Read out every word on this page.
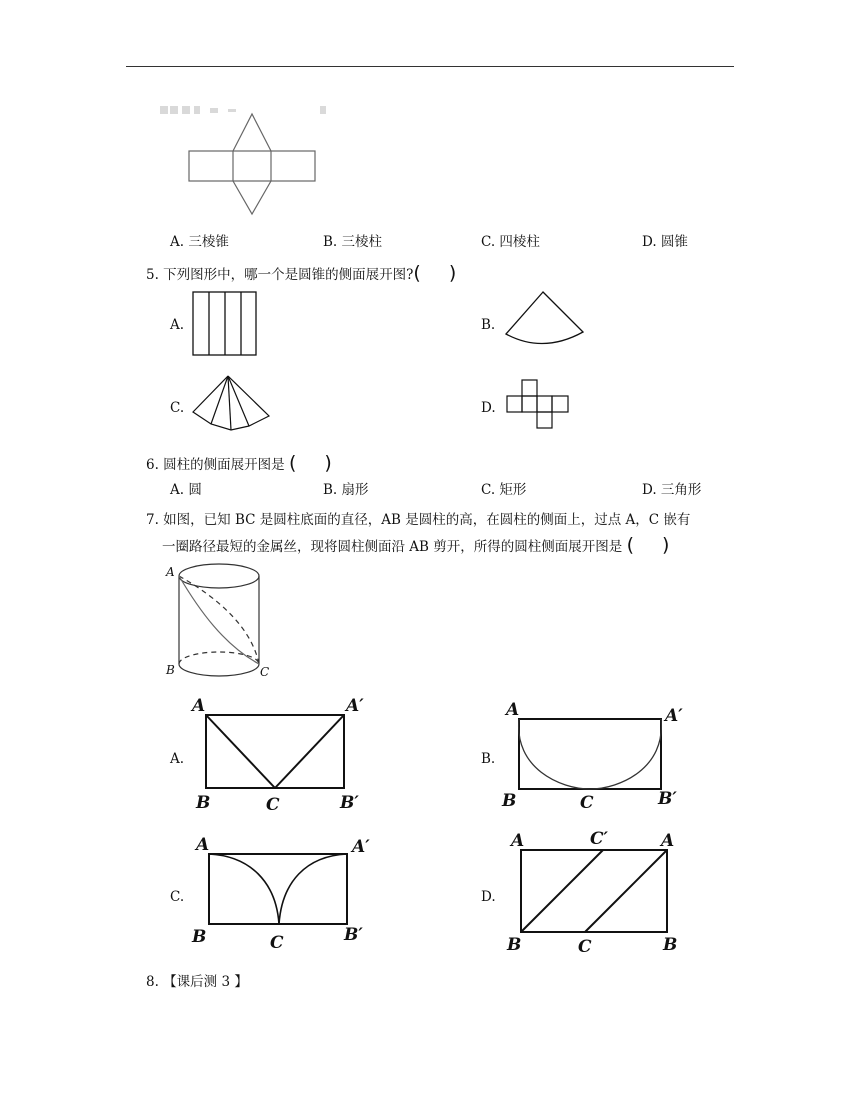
A. 三棱锥	B. 三棱柱	C. 四棱柱	D. 圆锥
5. 下列图形中，哪一个是圆锥的侧面展开图?( )
A.	B.
C.	D.
6. 圆柱的侧面展开图是 ( )
A. 圆	B. 扇形	C. 矩形	D. 三角形
7. 如图，已知 BC 是圆柱底面的直径，AB 是圆柱的高，在圆柱的侧面上，过点 A，C 嵌有
一圈路径最短的金属丝，现将圆柱侧面沿 AB 剪开，所得的圆柱侧面展开图是 ( )
A
B	C
A.
A	A′
B	C	B′
B.
A	A′
B	C	B′
C.
A	A′
B	C	B′
D.
A	C′	A
B	C	B
8. 【课后测 3 】
